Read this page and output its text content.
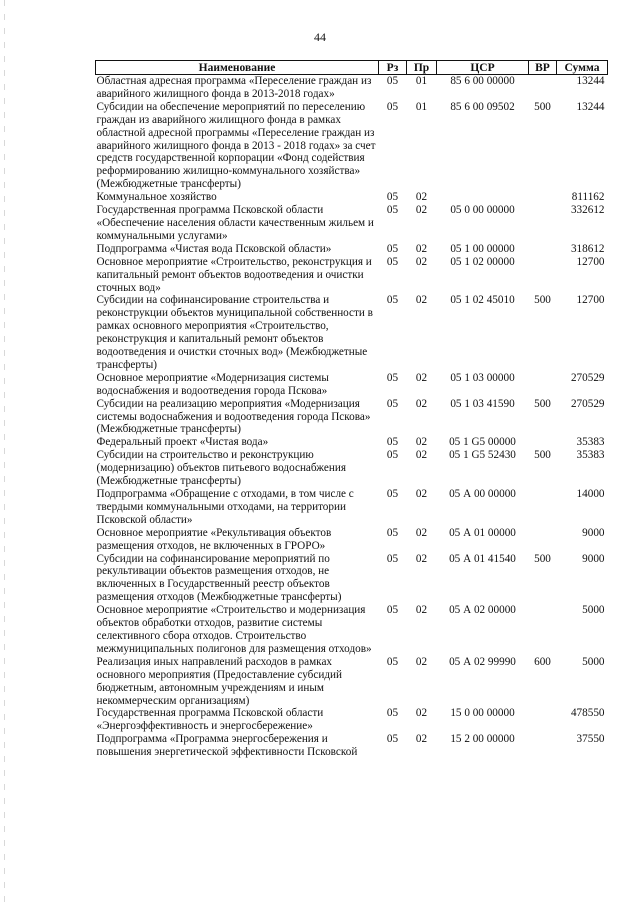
44
Наименование	Рз	Пр	ЦСР	ВР	Сумма
Областная адресная программа «Переселение граждан из аварийного жилищного фонда в 2013-2018 годах»	05	01	85 6 00 00000		13244
Субсидии на обеспечение мероприятий по переселению граждан из аварийного жилищного фонда в рамках областной адресной программы «Переселение граждан из аварийного жилищного фонда в 2013 - 2018 годах» за счет средств государственной корпорации «Фонд содействия реформированию жилищно-коммунального хозяйства» (Межбюджетные трансферты)	05	01	85 6 00 09502	500	13244
Коммунальное хозяйство	05	02			811162
Государственная программа Псковской области «Обеспечение населения области качественным жильем и коммунальными услугами»	05	02	05 0 00 00000		332612
Подпрограмма «Чистая вода Псковской области»	05	02	05 1 00 00000		318612
Основное мероприятие «Строительство, реконструкция и капитальный ремонт объектов водоотведения и очистки сточных вод»	05	02	05 1 02 00000		12700
Субсидии на софинансирование строительства и реконструкции объектов муниципальной собственности в рамках основного мероприятия «Строительство, реконструкция и капитальный ремонт объектов водоотведения и очистки сточных вод» (Межбюджетные трансферты)	05	02	05 1 02 45010	500	12700
Основное мероприятие «Модернизация системы водоснабжения и водоотведения города Пскова»	05	02	05 1 03 00000		270529
Субсидии на реализацию мероприятия «Модернизация системы водоснабжения и водоотведения города Пскова» (Межбюджетные трансферты)	05	02	05 1 03 41590	500	270529
Федеральный проект «Чистая вода»	05	02	05 1 G5 00000		35383
Субсидии на строительство и реконструкцию (модернизацию) объектов питьевого водоснабжения (Межбюджетные трансферты)	05	02	05 1 G5 52430	500	35383
Подпрограмма «Обращение с отходами, в том числе с твердыми коммунальными отходами, на территории Псковской области»	05	02	05 А 00 00000		14000
Основное мероприятие «Рекультивация объектов размещения отходов, не включенных в ГРОРО»	05	02	05 А 01 00000		9000
Субсидии на софинансирование мероприятий по рекультивации объектов размещения отходов, не включенных в Государственный реестр объектов размещения отходов (Межбюджетные трансферты)	05	02	05 А 01 41540	500	9000
Основное мероприятие «Строительство и модернизация объектов обработки отходов, развитие системы селективного сбора отходов. Строительство межмуниципальных полигонов для размещения отходов»	05	02	05 А 02 00000		5000
Реализация иных направлений расходов в рамках основного мероприятия (Предоставление субсидий бюджетным, автономным учреждениям и иным некоммерческим организациям)	05	02	05 А 02 99990	600	5000
Государственная программа Псковской области «Энергоэффективность и энергосбережение»	05	02	15 0 00 00000		478550
Подпрограмма «Программа энергосбережения и повышения энергетической эффективности Псковской	05	02	15 2 00 00000		37550
